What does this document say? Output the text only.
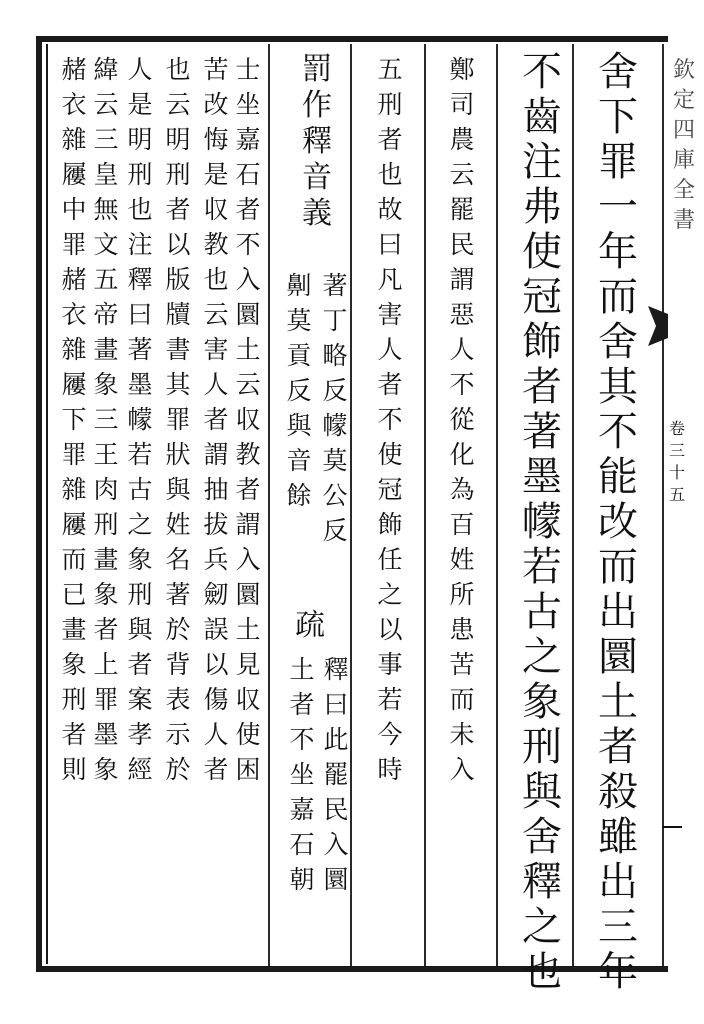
欽
定
四
庫
全
書
卷
三
十
五
舍
下
罪
一
年
而
舍
其
不
能
改
而
出
圜
土
者
殺
雖
出
三
年
不
齒
注
弗
使
冠
飾
者
著
墨
幪
若
古
之
象
刑
與
舍
釋
之
也
鄭
司
農
云
罷
民
謂
惡
人
不
從
化
為
百
姓
所
患
苦
而
未
入
五
刑
者
也
故
曰
凡
害
人
者
不
使
冠
飾
任
之
以
事
若
今
時
罰
作
釋
音
義
著
丁
略
反
幪
莫
公
反
劓
莫
貢
反
與
音
餘
疏
釋
曰
此
罷
民
入
圜
土
者
不
坐
嘉
石
朝
士
坐
嘉
石
者
不
入
圜
土
云
収
教
者
謂
入
圜
土
見
収
使
困
苦
改
悔
是
収
教
也
云
害
人
者
謂
抽
拔
兵
劒
誤
以
傷
人
者
也
云
明
刑
者
以
版
牘
書
其
罪
狀
與
姓
名
著
於
背
表
示
於
人
是
明
刑
也
注
釋
曰
著
墨
幪
若
古
之
象
刑
與
者
案
孝
經
緯
云
三
皇
無
文
五
帝
畫
象
三
王
肉
刑
畫
象
者
上
罪
墨
象
赭
衣
雜
屨
中
罪
赭
衣
雜
屨
下
罪
雜
屨
而
已
畫
象
刑
者
則
